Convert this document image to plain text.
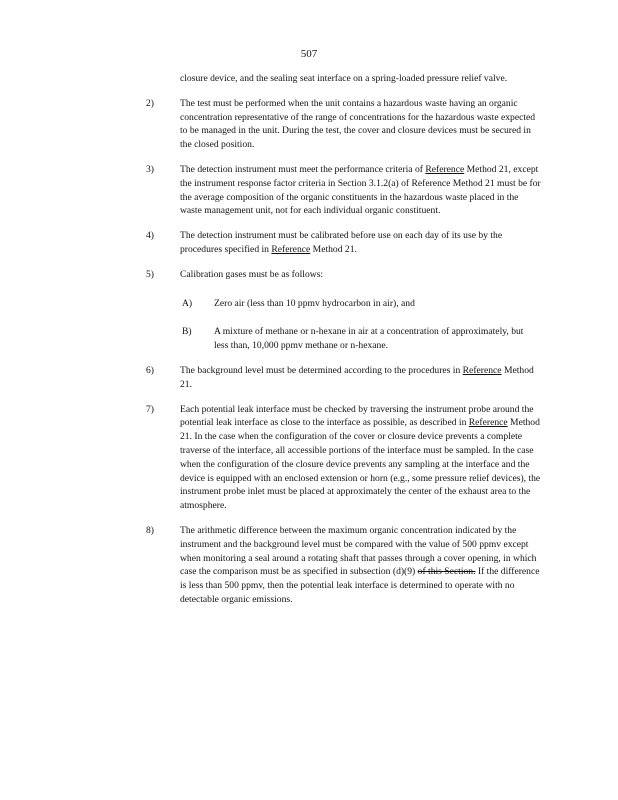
507

closure device, and the sealing seat interface on a spring-loaded pressure relief valve.

2)	The test must be performed when the unit contains a hazardous waste having an organic concentration representative of the range of concentrations for the hazardous waste expected to be managed in the unit. During the test, the cover and closure devices must be secured in the closed position.

3)	The detection instrument must meet the performance criteria of Reference Method 21, except the instrument response factor criteria in Section 3.1.2(a) of Reference Method 21 must be for the average composition of the organic constituents in the hazardous waste placed in the waste management unit, not for each individual organic constituent.

4)	The detection instrument must be calibrated before use on each day of its use by the procedures specified in Reference Method 21.

5)	Calibration gases must be as follows:

A) Zero air (less than 10 ppmv hydrocarbon in air), and

B) A mixture of methane or n-hexane in air at a concentration of approximately, but less than, 10,000 ppmv methane or n-hexane.

6)	The background level must be determined according to the procedures in Reference Method 21.

7)	Each potential leak interface must be checked by traversing the instrument probe around the potential leak interface as close to the interface as possible, as described in Reference Method 21. In the case when the configuration of the cover or closure device prevents a complete traverse of the interface, all accessible portions of the interface must be sampled. In the case when the configuration of the closure device prevents any sampling at the interface and the device is equipped with an enclosed extension or horn (e.g., some pressure relief devices), the instrument probe inlet must be placed at approximately the center of the exhaust area to the atmosphere.

8)	The arithmetic difference between the maximum organic concentration indicated by the instrument and the background level must be compared with the value of 500 ppmv except when monitoring a seal around a rotating shaft that passes through a cover opening, in which case the comparison must be as specified in subsection (d)(9) of this Section. If the difference is less than 500 ppmv, then the potential leak interface is determined to operate with no detectable organic emissions.
